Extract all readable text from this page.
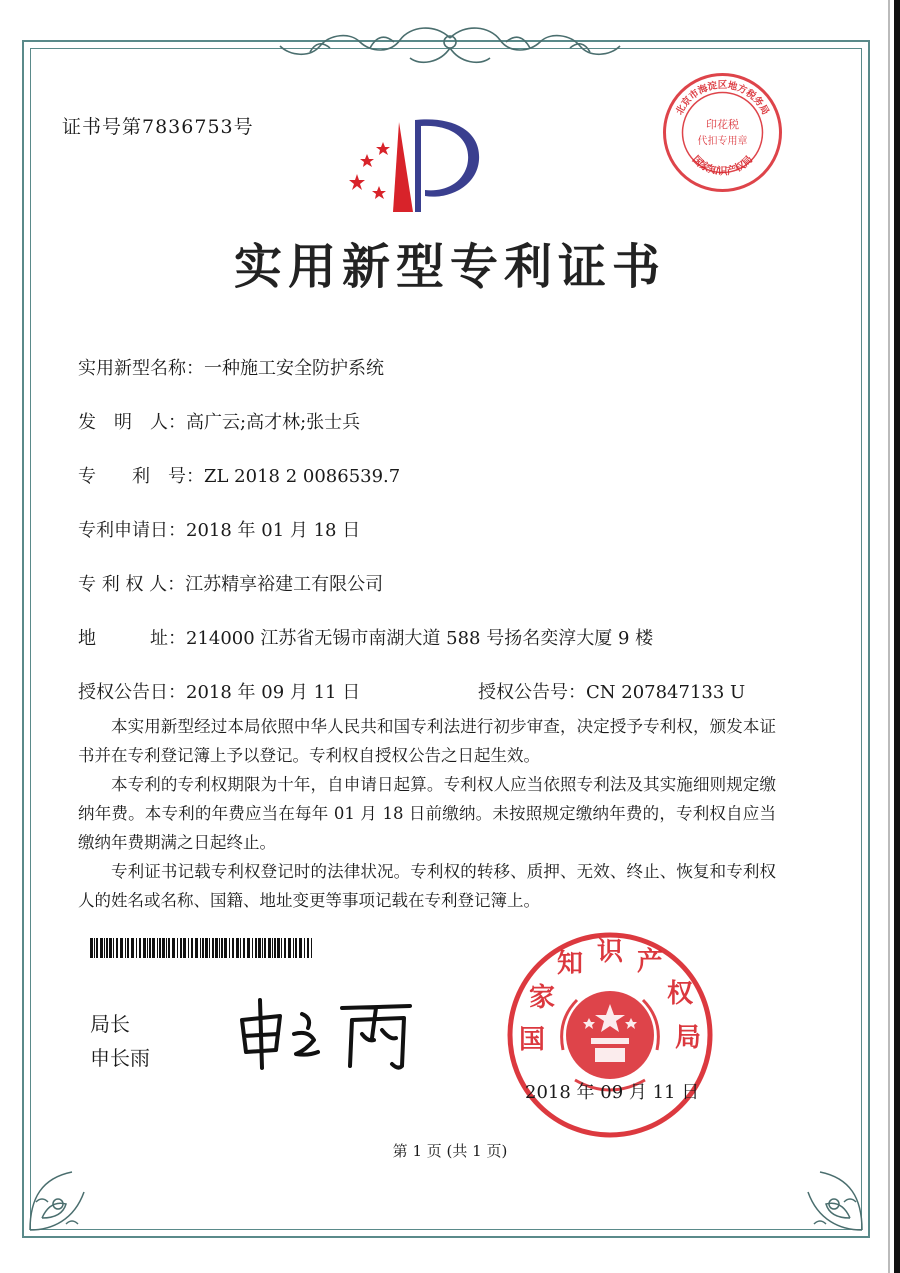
证书号第7836753号
实用新型专利证书
实用新型名称：一种施工安全防护系统
发　明　人：高广云;高才林;张士兵
专　　利　号：ZL 2018 2 0086539.7
专利申请日：2018 年 01 月 18 日
专 利 权 人：江苏精享裕建工有限公司
地　　　址：214000 江苏省无锡市南湖大道 588 号扬名奕淳大厦 9 楼
授权公告日：2018 年 09 月 11 日	授权公告号：CN 207847133 U
本实用新型经过本局依照中华人民共和国专利法进行初步审查，决定授予专利权，颁发本证书并在专利登记簿上予以登记。专利权自授权公告之日起生效。
本专利的专利权期限为十年，自申请日起算。专利权人应当依照专利法及其实施细则规定缴纳年费。本专利的年费应当在每年 01 月 18 日前缴纳。未按照规定缴纳年费的，专利权自应当缴纳年费期满之日起终止。
专利证书记载专利权登记时的法律状况。专利权的转移、质押、无效、终止、恢复和专利权人的姓名或名称、国籍、地址变更等事项记载在专利登记簿上。
局长
申长雨
国
家
知 识 产
权
局
2018 年 09 月 11 日
北京市海淀区地方税务局
印花税
代扣专用章
国家知识产权局
第 1 页 (共 1 页)
